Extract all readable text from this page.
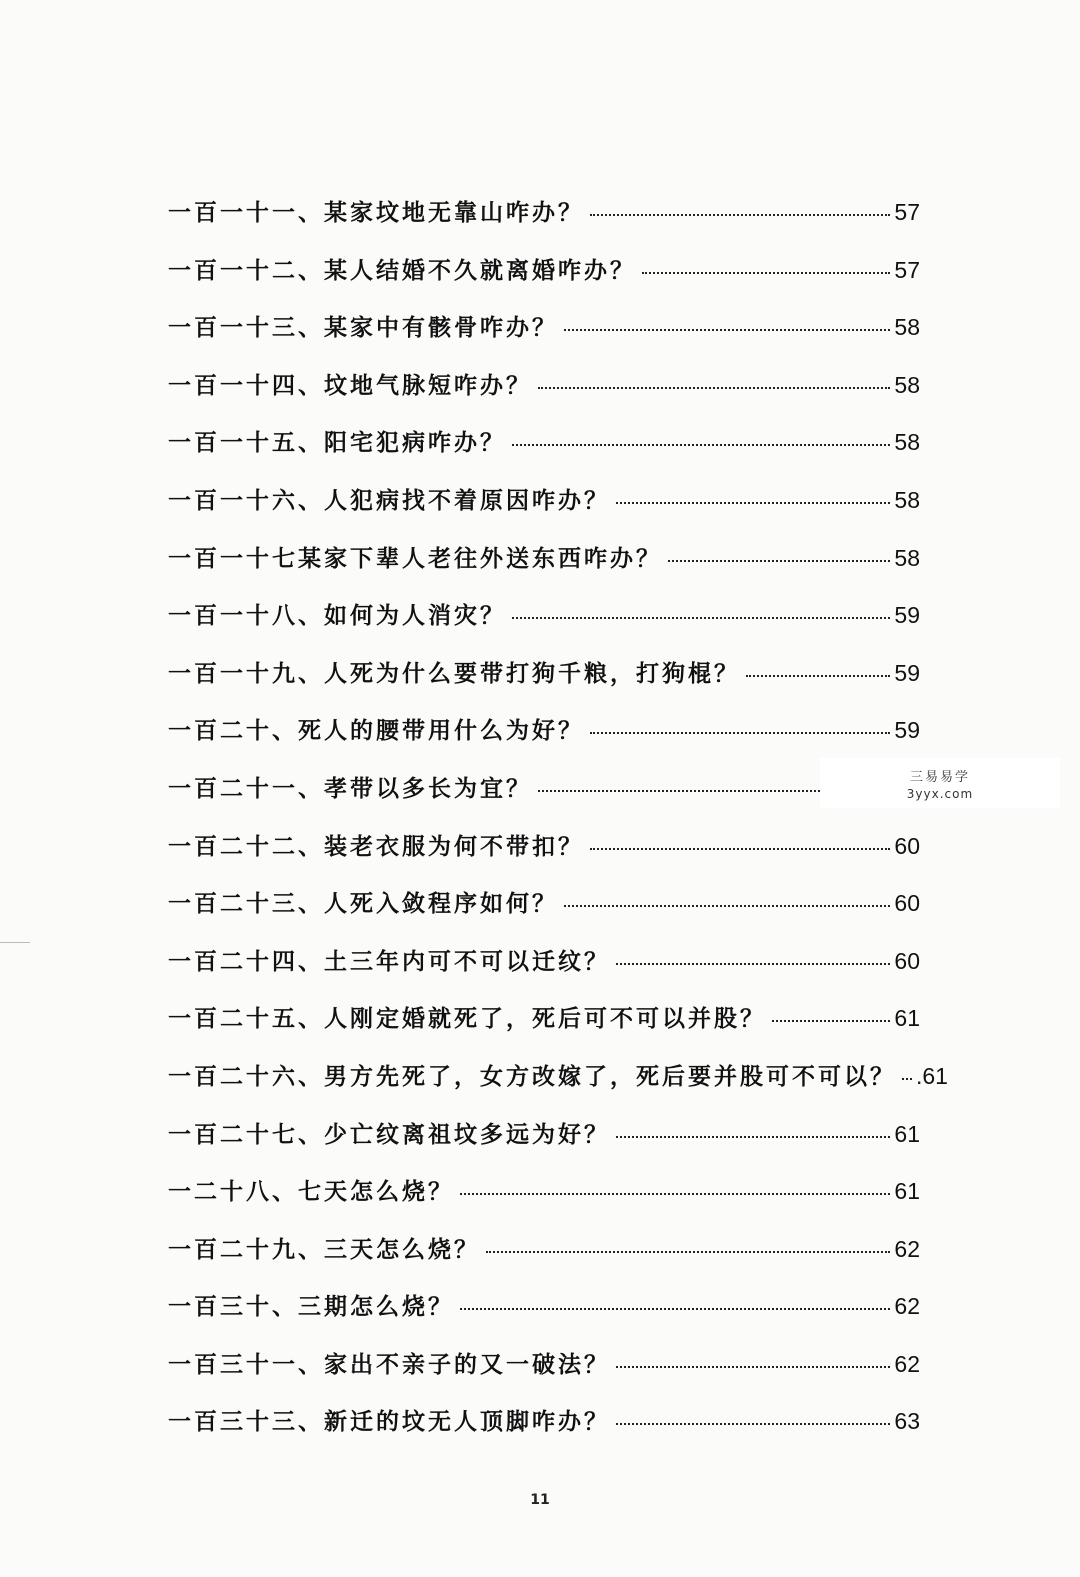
一百一十一、某家坟地无靠山咋办？	57
一百一十二、某人结婚不久就离婚咋办？	57
一百一十三、某家中有骸骨咋办？	58
一百一十四、坟地气脉短咋办？	58
一百一十五、阳宅犯病咋办？	58
一百一十六、人犯病找不着原因咋办？	58
一百一十七某家下辈人老往外送东西咋办？	58
一百一十八、如何为人消灾？	59
一百一十九、人死为什么要带打狗千粮，打狗棍？	59
一百二十、死人的腰带用什么为好？	59
一百二十一、孝带以多长为宜？
一百二十二、装老衣服为何不带扣？	60
一百二十三、人死入敛程序如何？	60
一百二十四、土三年内可不可以迁纹？	60
一百二十五、人刚定婚就死了，死后可不可以并股？	61
一百二十六、男方先死了，女方改嫁了，死后要并股可不可以？ .61
一百二十七、少亡纹离祖坟多远为好？	61
一二十八、七天怎么烧？	61
一百二十九、三天怎么烧？	62
一百三十、三期怎么烧？	62
一百三十一、家出不亲子的又一破法？	62
一百三十三、新迁的坟无人顶脚咋办？	63
三易易学
3yyx.com
11
